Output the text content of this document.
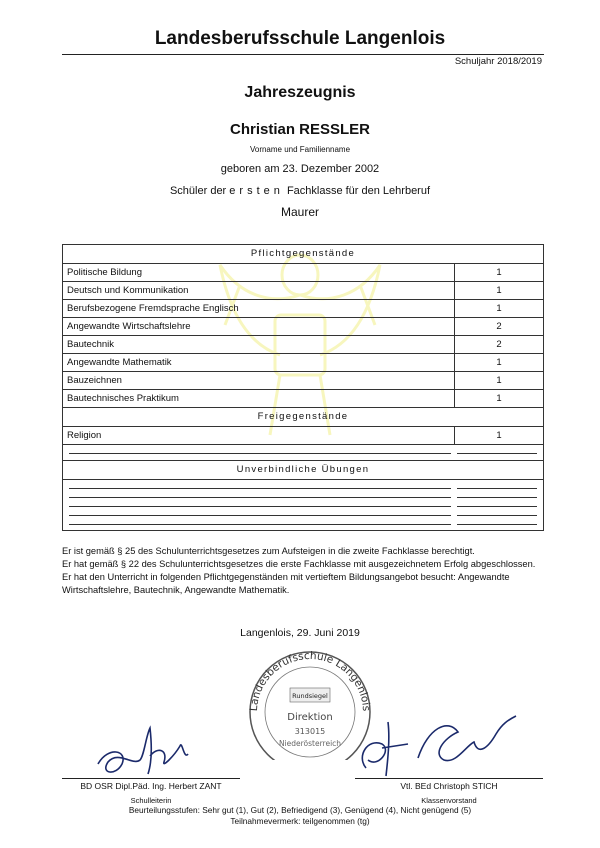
Landesberufsschule Langenlois
Schuljahr 2018/2019
Jahreszeugnis
Christian RESSLER
Vorname und Familienname
geboren am 23. Dezember 2002
Schüler der ersten Fachklasse für den Lehrberuf
Maurer
Pflichtgegenstände
Politische Bildung	1
Deutsch und Kommunikation	1
Berufsbezogene Fremdsprache Englisch	1
Angewandte Wirtschaftslehre	2
Bautechnik	2
Angewandte Mathematik	1
Bauzeichnen	1
Bautechnisches Praktikum	1
Freigegenstände
Religion	1
Unverbindliche Übungen

Er ist gemäß § 25 des Schulunterrichtsgesetzes zum Aufsteigen in die zweite Fachklasse berechtigt.

Er hat gemäß § 22 des Schulunterrichtsgesetzes die erste Fachklasse mit ausgezeichnetem Erfolg abgeschlossen.

Er hat den Unterricht in folgenden Pflichtgegenständen mit vertieftem Bildungsangebot besucht: Angewandte Wirtschaftslehre, Bautechnik, Angewandte Mathematik.

Langenlois, 29. Juni 2019
Landesberufsschule Langenlois
Rundsiegel
Direktion
313015
Niederösterreich
BD OSR Dipl.Päd. Ing. Herbert ZANT	Vtl. BEd Christoph STICH
Schulleiterin	Klassenvorstand
Beurteilungsstufen: Sehr gut (1), Gut (2), Befriedigend (3), Genügend (4), Nicht genügend (5)
Teilnahmevermerk: teilgenommen (tg)
